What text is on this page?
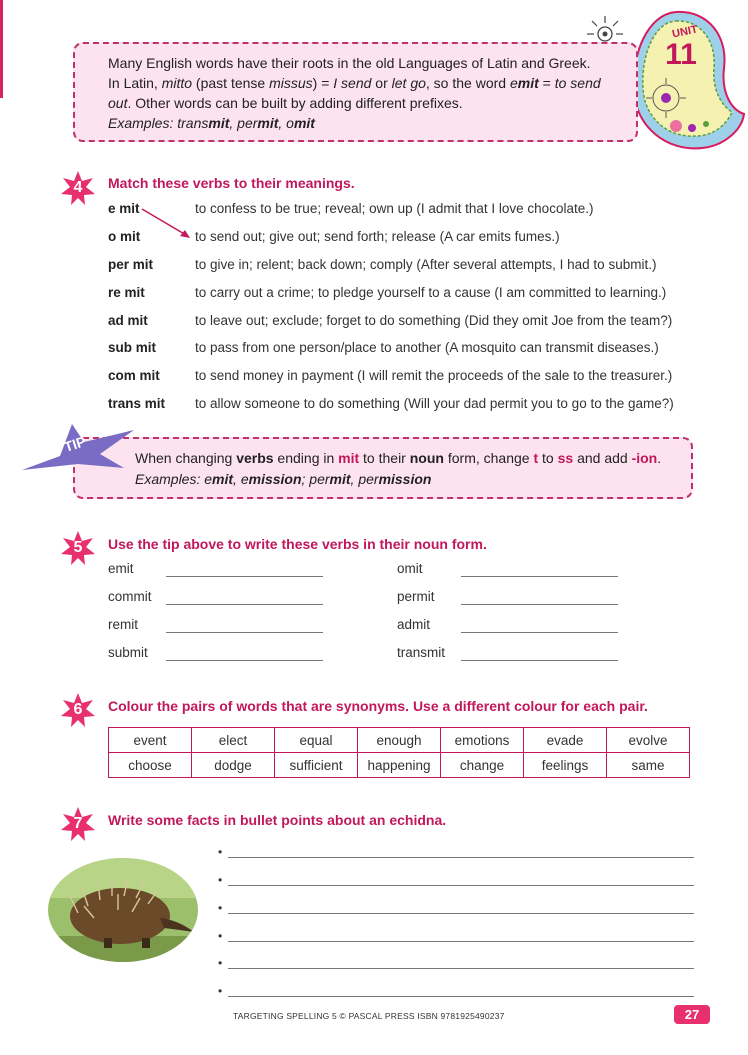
UNIT
11
Many English words have their roots in the old Languages of Latin and Greek.
In Latin, mitto (past tense missus) = I send or let go, so the word emit = to send
out. Other words can be built by adding different prefixes.
Examples: transmit, permit, omit
4	Match these verbs to their meanings.
e mit	to confess to be true; reveal; own up (I admit that I love chocolate.)
o mit	to send out; give out; send forth; release (A car emits fumes.)
per mit	to give in; relent; back down; comply (After several attempts, I had to submit.)
re mit	to carry out a crime; to pledge yourself to a cause (I am committed to learning.)
ad mit	to leave out; exclude; forget to do something (Did they omit Joe from the team?)
sub mit	to pass from one person/place to another (A mosquito can transmit diseases.)
com mit	to send money in payment (I will remit the proceeds of the sale to the treasurer.)
trans mit to allow someone to do something (Will your dad permit you to go to the game?)
When changing verbs ending in mit to their noun form, change t to ss and add -ion.
Examples: emit, emission; permit, permission
TIP
5	Use the tip above to write these verbs in their noun form.
emit	omit
commit	permit
remit	admit
submit	transmit
6	Colour the pairs of words that are synonyms. Use a different colour for each pair.
event	elect	equal	enough	emotions	evade	evolve
choose	dodge	sufficient	happening	change	feelings	same
7	Write some facts in bullet points about an echidna.
•
•
•
•
•
•
TARGETING SPELLING 5 © PASCAL PRESS ISBN 9781925490237	27
